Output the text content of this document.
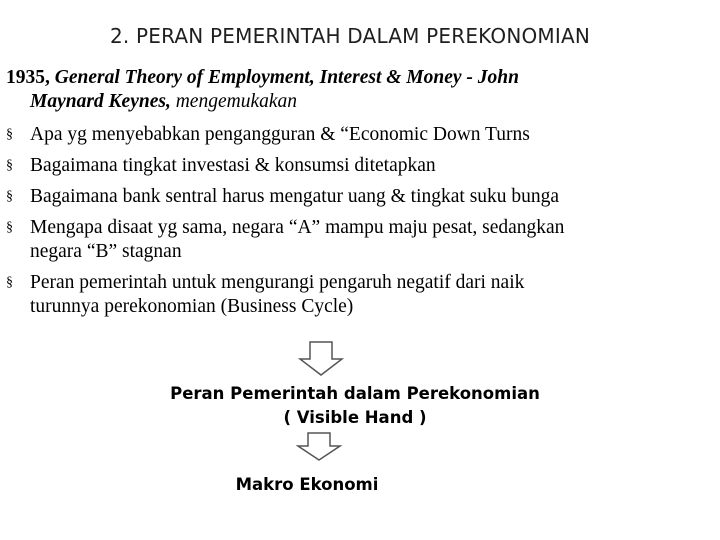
2. PERAN PEMERINTAH DALAM PEREKONOMIAN
1935, General Theory of Employment, Interest & Money - John
Maynard Keynes, mengemukakan
§ Apa yg menyebabkan pengangguran & “Economic Down Turns
§ Bagaimana tingkat investasi & konsumsi ditetapkan
§ Bagaimana bank sentral harus mengatur uang & tingkat suku bunga
§ Mengapa disaat yg sama, negara “A” mampu maju pesat, sedangkan
negara “B” stagnan
§ Peran pemerintah untuk mengurangi pengaruh negatif dari naik
turunnya perekonomian (Business Cycle)
Peran Pemerintah dalam Perekonomian
( Visible Hand )
Makro Ekonomi
